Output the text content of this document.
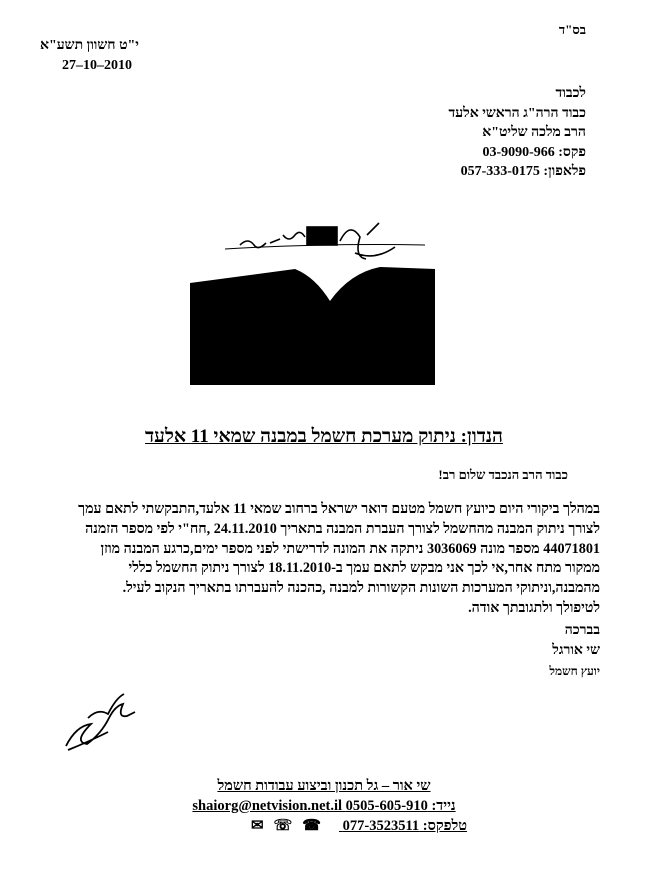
בס"ד
י"ט חשוון תשע"א
27–10–2010
לכבוד
כבוד הרה"ג הראשי אלעד
הרב מלכה שליט"א
פקס: 03-9090-966
פלאפון: 057-333-0175
הנדון: ניתוק מערכת חשמל במבנה שמאי 11 אלעד
כבוד הרב הנכבד שלום רב!
במהלך ביקורי היום כיועץ חשמל מטעם דואר ישראל ברחוב שמאי 11 אלעד,התבקשתי לתאם עמך
לצורך ניתוק המבנה מהחשמל לצורך העברת המבנה בתאריך 24.11.2010 ,חח"י לפי מספר הזמנה
44071801 מספר מונה 3036069 ניתקה את המונה לדרישתי לפני מספר ימים,כרגע המבנה מוזן
ממקור מתח אחר,אי לכך אני מבקש לתאם עמך ב-18.11.2010 לצורך ניתוק החשמל כללי
מהמבנה,וניתוקי המערכות השונות הקשורות למבנה ,כהכנה להעברתו בתאריך הנקוב לעיל.
לטיפולך ולתגובתך אודה.
בברכה
שי אורגל
יועץ חשמל
שי אור – גל תכנון וביצוע עבודות חשמל
נייד: 0505-605-910 shaiorg@netvision.net.il
טלפקס: 077-3523511 ☎☏✉
